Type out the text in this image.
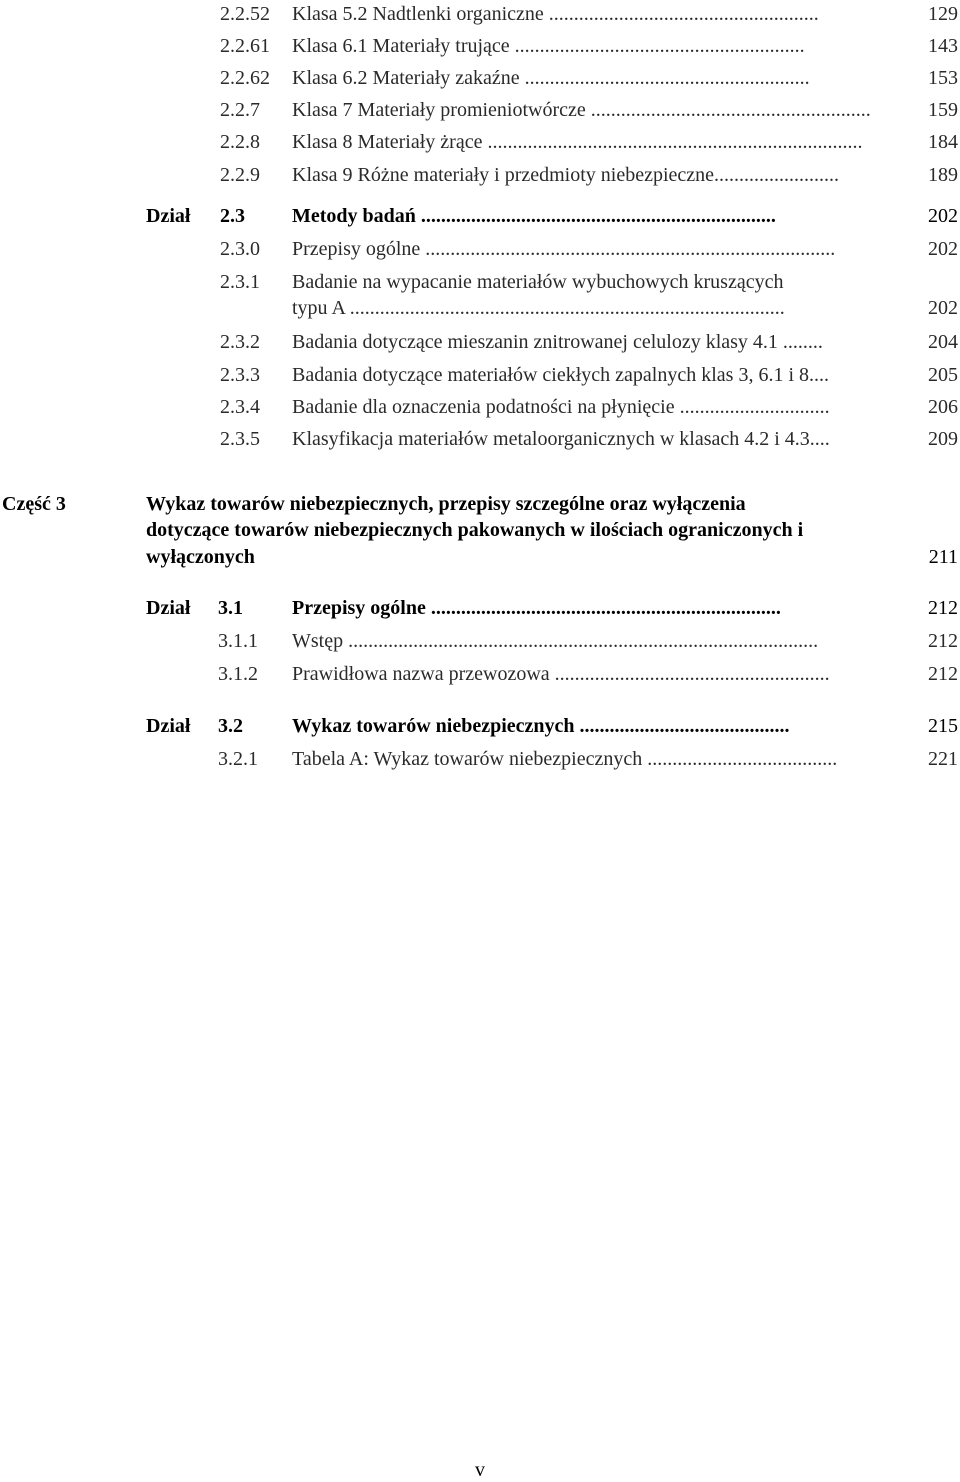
2.2.52 Klasa 5.2 Nadtlenki organiczne ......................................................	129
2.2.61 Klasa 6.1 Materiały trujące ..........................................................	143
2.2.62 Klasa 6.2 Materiały zakaźne .........................................................	153
2.2.7 Klasa 7 Materiały promieniotwórcze ........................................................	159
2.2.8 Klasa 8 Materiały żrące ...........................................................................	184
2.2.9 Klasa 9 Różne materiały i przedmioty niebezpieczne.........................	189
Dział 2.3 Metody badań .......................................................................	202
2.3.0 Przepisy ogólne ..................................................................................	202
2.3.1 Badanie na wypacanie materiałów wybuchowych kruszących
typu A .......................................................................................	202
2.3.2 Badania dotyczące mieszanin znitrowanej celulozy klasy 4.1 ........	204
2.3.3 Badania dotyczące materiałów ciekłych zapalnych klas 3, 6.1 i 8....	205
2.3.4 Badanie dla oznaczenia podatności na płynięcie ..............................	206
2.3.5 Klasyfikacja materiałów metaloorganicznych w klasach 4.2 i 4.3....	209
Część 3	Wykaz towarów niebezpiecznych, przepisy szczególne oraz wyłączenia
dotyczące towarów niebezpiecznych pakowanych w ilościach ograniczonych i
wyłączonych	211
Dział 3.1 Przepisy ogólne ......................................................................	212
3.1.1 Wstęp ..............................................................................................	212
3.1.2 Prawidłowa nazwa przewozowa .......................................................	212
Dział 3.2 Wykaz towarów niebezpiecznych ..........................................	215
3.2.1 Tabela A: Wykaz towarów niebezpiecznych ......................................	221
v
